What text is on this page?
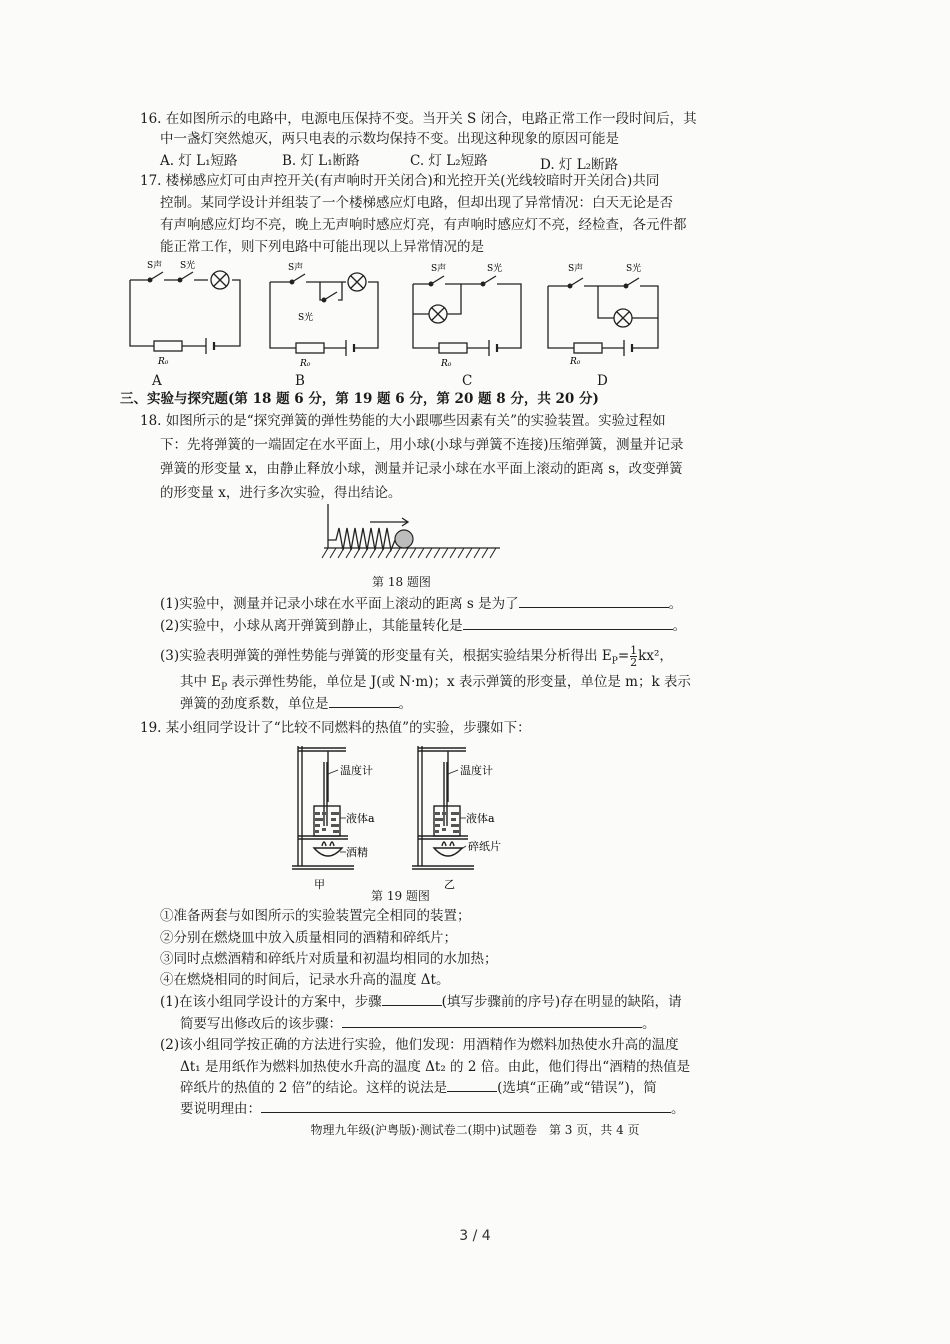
16. 在如图所示的电路中，电源电压保持不变。当开关 S 闭合，电路正常工作一段时间后，其
中一盏灯突然熄灭，两只电表的示数均保持不变。出现这种现象的原因可能是
A. 灯 L₁短路	B. 灯 L₁断路	C. 灯 L₂短路	D. 灯 L₂断路
17. 楼梯感应灯可由声控开关(有声响时开关闭合)和光控开关(光线较暗时开关闭合)共同
控制。某同学设计并组装了一个楼梯感应灯电路，但却出现了异常情况：白天无论是否
有声响感应灯均不亮，晚上无声响时感应灯亮，有声响时感应灯不亮，经检查，各元件都
能正常工作，则下列电路中可能出现以上异常情况的是
S声 S光
R₀
A
S声
S光
R₀
B
S声	S光
R₀
C
S声	S光
R₀
D
三、实验与探究题(第 18 题 6 分，第 19 题 6 分，第 20 题 8 分，共 20 分)
18. 如图所示的是“探究弹簧的弹性势能的大小跟哪些因素有关”的实验装置。实验过程如
下：先将弹簧的一端固定在水平面上，用小球(小球与弹簧不连接)压缩弹簧，测量并记录
弹簧的形变量 x，由静止释放小球，测量并记录小球在水平面上滚动的距离 s，改变弹簧
的形变量 x，进行多次实验，得出结论。
第 18 题图
(1)实验中，测量并记录小球在水平面上滚动的距离 s 是为了	。
(2)实验中，小球从离开弹簧到静止，其能量转化是	。
(3)实验表明弹簧的弹性势能与弹簧的形变量有关，根据实验结果分析得出 $E_P= \frac{1}{2} kx^2$，
其中 $E_P$ 表示弹性势能，单位是 J(或 N·m)；x 表示弹簧的形变量，单位是 m；k 表示
弹簧的劲度系数，单位是	。
19. 某小组同学设计了“比较不同燃料的热值”的实验，步骤如下：
温度计
液体a
酒精
温度计
液体a
碎纸片
甲	乙
第 19 题图
①准备两套与如图所示的实验装置完全相同的装置；
②分别在燃烧皿中放入质量相同的酒精和碎纸片；
③同时点燃酒精和碎纸片对质量和初温均相同的水加热；
④在燃烧相同的时间后，记录水升高的温度 Δt。
(1)在该小组同学设计的方案中，步骤	(填写步骤前的序号)存在明显的缺陷，请
简要写出修改后的该步骤：	。
(2)该小组同学按正确的方法进行实验，他们发现：用酒精作为燃料加热使水升高的温度
Δt₁ 是用纸作为燃料加热使水升高的温度 Δt₂ 的 2 倍。由此，他们得出“酒精的热值是
碎纸片的热值的 2 倍”的结论。这样的说法是	(选填“正确”或“错误”)，简
要说明理由：	。
物理九年级(沪粤版)·测试卷二(期中)试题卷　第 3 页，共 4 页
3 / 4
